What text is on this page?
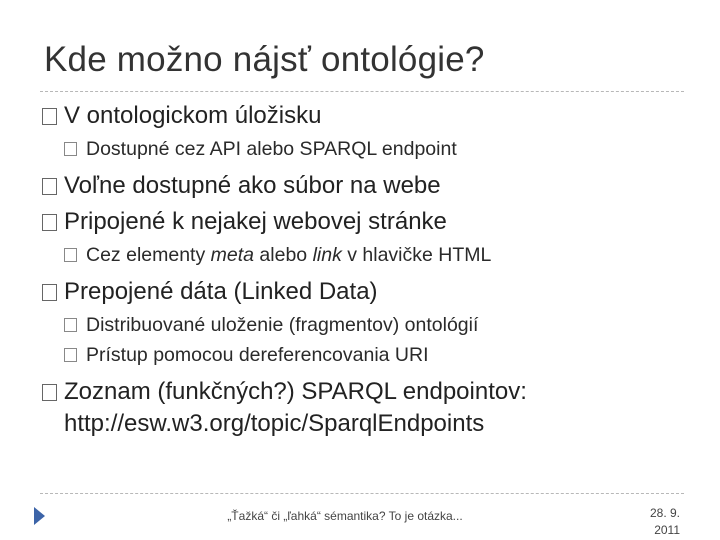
Kde možno nájsť ontológie?
V ontologickom úložisku
Dostupné cez API alebo SPARQL endpoint
Voľne dostupné ako súbor na webe
Pripojené k nejakej webovej stránke
Cez elementy meta alebo link v hlavičke HTML
Prepojené dáta (Linked Data)
Distribuované uloženie (fragmentov) ontológií
Prístup pomocou dereferencovania URI
Zoznam (funkčných?) SPARQL endpointov:
http://esw.w3.org/topic/SparqlEndpoints
„Ťažká“ či „ľahká“ sémantika? To je otázka...	28. 9.
2011
